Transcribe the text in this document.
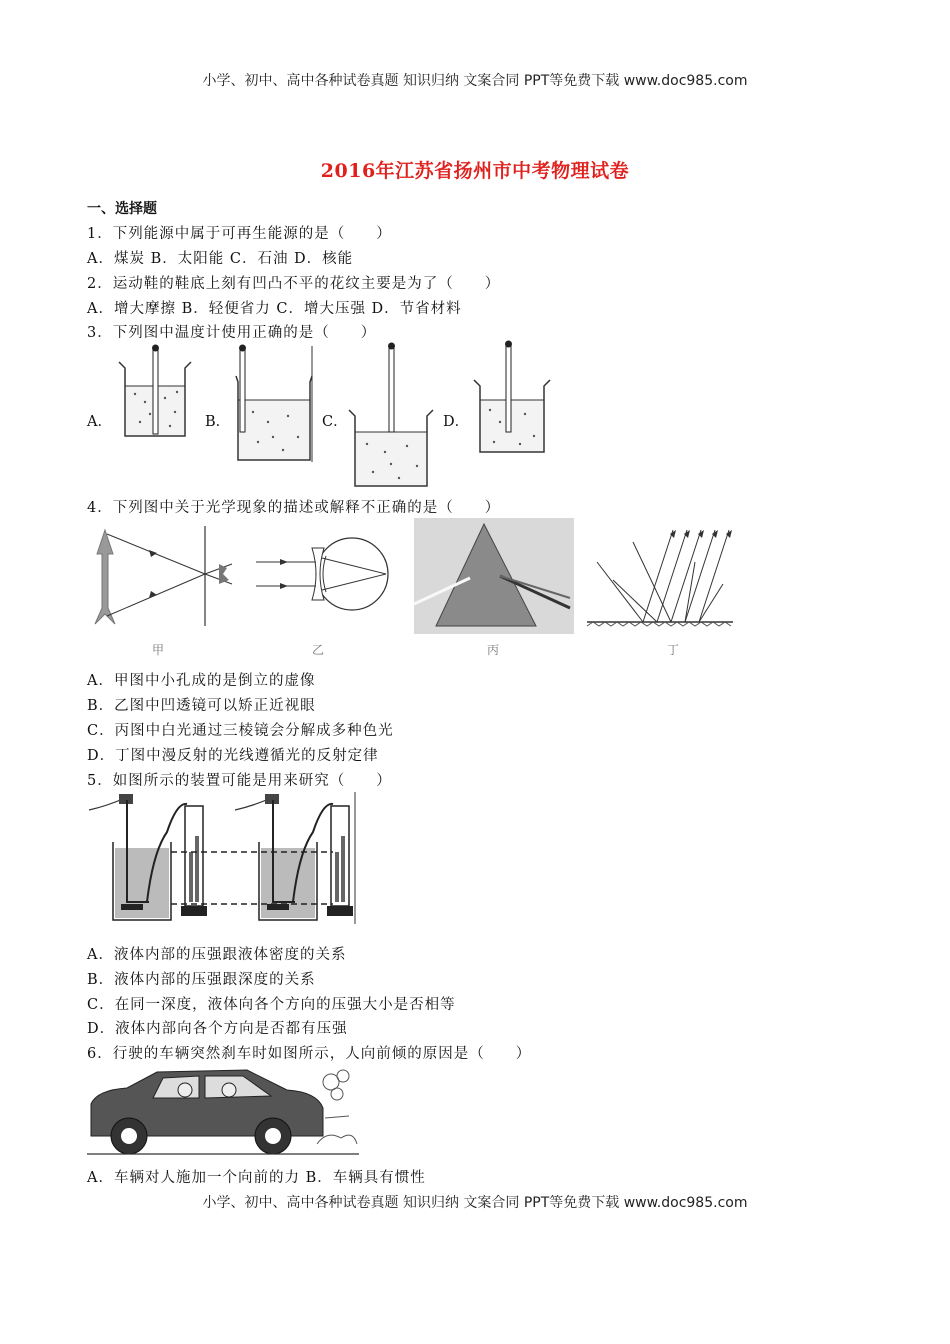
小学、初中、高中各种试卷真题 知识归纳 文案合同 PPT等免费下载 www.doc985.com
2016年江苏省扬州市中考物理试卷
一、选择题
1．下列能源中属于可再生能源的是（　　）
A．煤炭 B．太阳能 C．石油 D．核能
2．运动鞋的鞋底上刻有凹凸不平的花纹主要是为了（　　）
A．增大摩擦 B．轻便省力 C．增大压强 D．节省材料
3．下列图中温度计使用正确的是（　　）
A．	B．	C．	D．
4．下列图中关于光学现象的描述或解释不正确的是（　　）
甲	乙	丙	丁
A．甲图中小孔成的是倒立的虚像
B．乙图中凹透镜可以矫正近视眼
C．丙图中白光通过三棱镜会分解成多种色光
D．丁图中漫反射的光线遵循光的反射定律
5．如图所示的装置可能是用来研究（　　）
A．液体内部的压强跟液体密度的关系
B．液体内部的压强跟深度的关系
C．在同一深度，液体向各个方向的压强大小是否相等
D．液体内部向各个方向是否都有压强
6．行驶的车辆突然刹车时如图所示，人向前倾的原因是（　　）
A．车辆对人施加一个向前的力 B．车辆具有惯性
小学、初中、高中各种试卷真题 知识归纳 文案合同 PPT等免费下载 www.doc985.com
